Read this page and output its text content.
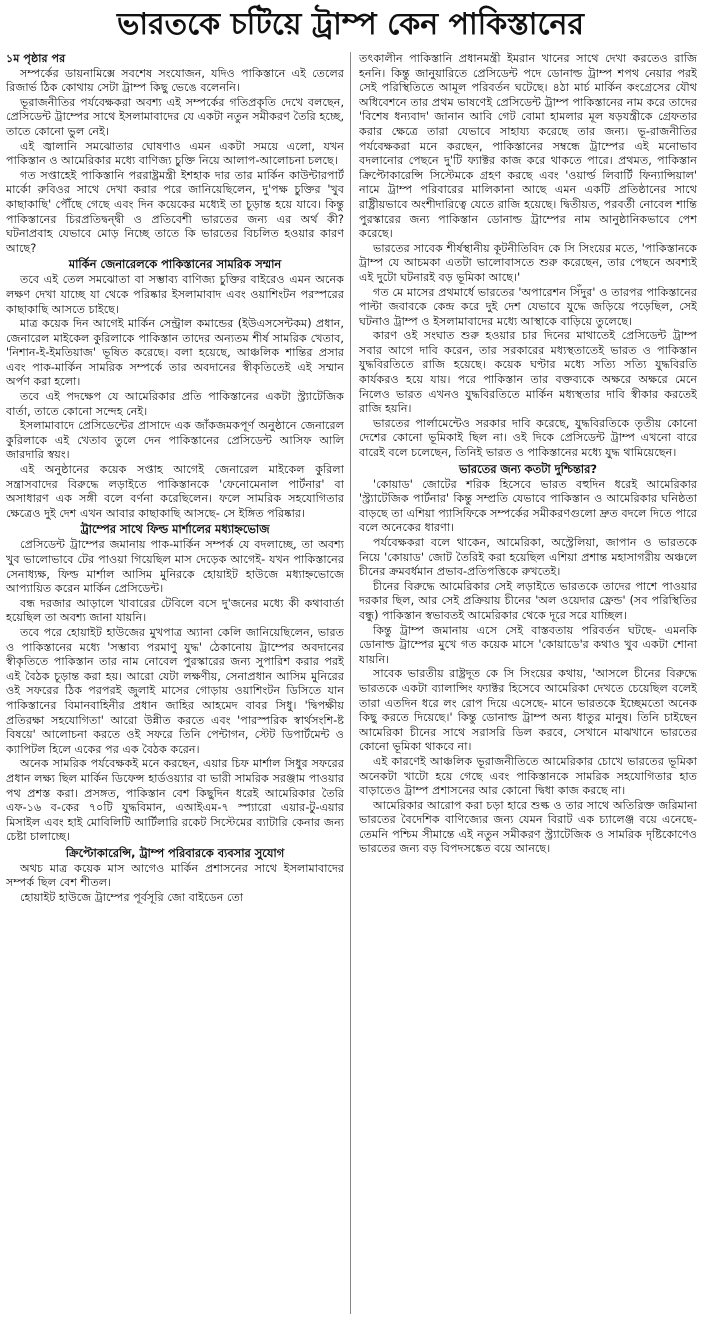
ভারতকে চটিয়ে ট্রাম্প কেন পাকিস্তানের

১ম পৃষ্ঠার পর

সম্পর্কের ডায়নামিক্সে সবশেষ সংযোজন, যদিও পাকিস্তানে এই তেলের রিজার্ভ ঠিক কোথায় সেটা ট্রাম্প কিছু ভেঙে বলেননি।

ভূরাজনীতির পর্যবেক্ষকরা অবশ্য এই সম্পর্কের গতিপ্রকৃতি দেখে বলছেন, প্রেসিডেন্ট ট্রাম্পের সাথে ইসলামাবাদের যে একটা নতুন সমীকরণ তৈরি হচ্ছে, তাতে কোনো ভুল নেই।

এই জ্বালানি সমঝোতার ঘোষণাও এমন একটা সময়ে এলো, যখন পাকিস্তান ও আমেরিকার মধ্যে বাণিজ্য চুক্তি নিয়ে আলাপ-আলোচনা চলছে।

গত সপ্তাহেই পাকিস্তানি পররাষ্ট্রমন্ত্রী ইশহাক দার তার মার্কিন কাউন্টারপার্ট মার্কো রুবিওর সাথে দেখা করার পরে জানিয়েছিলেন, দু'পক্ষ চুক্তির 'খুব কাছাকাছি' পৌঁছে গেছে এবং দিন কয়েকের মধ্যেই তা চূড়ান্ত হয়ে যাবে। কিন্তু পাকিস্তানের চিরপ্রতিদ্বন্দ্বী ও প্রতিবেশী ভারতের জন্য এর অর্থ কী? ঘটনাপ্রবাহ যেভাবে মোড় নিচ্ছে তাতে কি ভারতের বিচলিত হওয়ার কারণ আছে?

মার্কিন জেনারেলকে পাকিস্তানের সামরিক সম্মান

তবে এই তেল সমঝোতা বা সম্ভাব্য বাণিজ্য চুক্তির বাইরেও এমন অনেক লক্ষণ দেখা যাচ্ছে যা থেকে পরিষ্কার ইসলামাবাদ এবং ওয়াশিংটন পরস্পরের কাছাকাছি আসতে চাইছে।

মাত্র কয়েক দিন আগেই মার্কিন সেন্ট্রাল কমান্ডের (ইউএসসেন্টকম) প্রধান, জেনারেল মাইকেল কুরিলাকে পাকিস্তান তাদের অন্যতম শীর্ষ সামরিক খেতাব, 'নিশান-ই-ইমতিয়াজ' ভূষিত করেছে। বলা হয়েছে, আঞ্চলিক শান্তির প্রসার এবং পাক-মার্কিন সামরিক সম্পর্কে তার অবদানের স্বীকৃতিতেই এই সম্মান অর্পণ করা হলো।

তবে এই পদক্ষেপ যে আমেরিকার প্রতি পাকিস্তানের একটা স্ট্র্যাটেজিক বার্তা, তাতে কোনো সন্দেহ নেই।

ইসলামাবাদে প্রেসিডেন্টের প্রাসাদে এক জাঁকজমকপূর্ণ অনুষ্ঠানে জেনারেল কুরিলাকে এই খেতাব তুলে দেন পাকিস্তানের প্রেসিডেন্ট আসিফ আলি জারদারি স্বয়ং।

এই অনুষ্ঠানের কয়েক সপ্তাহ আগেই জেনারেল মাইকেল কুরিলা সন্ত্রাসবাদের বিরুদ্ধে লড়াইতে পাকিস্তানকে 'ফেনোমেনাল পার্টনার' বা অসাধারণ এক সঙ্গী বলে বর্ণনা করেছিলেন। ফলে সামরিক সহযোগিতার ক্ষেত্রেও দুই দেশ এখন আবার কাছাকাছি আসছে- সে ইঙ্গিত পরিষ্কার।

ট্রাম্পের সাথে ফিল্ড মার্শালের মধ্যাহ্নভোজ

প্রেসিডেন্ট ট্রাম্পের জমানায় পাক-মার্কিন সম্পর্ক যে বদলাচ্ছে, তা অবশ্য খুব ভালোভাবে টের পাওয়া গিয়েছিল মাস দেড়েক আগেই- যখন পাকিস্তানের সেনাধ্যক্ষ, ফিল্ড মার্শাল আসিম মুনিরকে হোয়াইট হাউজে মধ্যাহ্নভোজে আপ্যায়িত করেন মার্কিন প্রেসিডেন্ট।

বন্ধ দরজার আড়ালে খাবারের টেবিলে বসে দু'জনের মধ্যে কী কথাবার্তা হয়েছিল তা অবশ্য জানা যায়নি।

তবে পরে হোয়াইট হাউজের মুখপাত্র অ্যানা কেলি জানিয়েছিলেন, ভারত ও পাকিস্তানের মধ্যে 'সম্ভাব্য পরমাণু যুদ্ধ' ঠেকানোয় ট্রাম্পের অবদানের স্বীকৃতিতে পাকিস্তান তার নাম নোবেল পুরস্কারের জন্য সুপারিশ করার পরই এই বৈঠক চূড়ান্ত করা হয়। আরো যেটা লক্ষণীয়, সেনাপ্রধান আসিম মুনিরের ওই সফরের ঠিক পরপরই জুলাই মাসের গোড়ায় ওয়াশিংটন ডিসিতে যান পাকিস্তানের বিমানবাহিনীর প্রধান জাহির আহমেদ বাবর সিধু। 'দ্বিপক্ষীয় প্রতিরক্ষা সহযোগিতা' আরো উন্নীত করতে এবং 'পারস্পরিক স্বার্থসংশি-ষ্ট বিষয়ে' আলোচনা করতে ওই সফরে তিনি পেন্টাগন, স্টেট ডিপার্টমেন্ট ও ক্যাপিটল হিলে একের পর এক বৈঠক করেন।

অনেক সামরিক পর্যবেক্ষকই মনে করছেন, এয়ার চিফ মার্শাল সিধুর সফরের প্রধান লক্ষ্য ছিল মার্কিন ডিফেন্স হার্ডওয়্যার বা ভারী সামরিক সরঞ্জাম পাওয়ার পথ প্রশস্ত করা। প্রসঙ্গত, পাকিস্তান বেশ কিছুদিন ধরেই আমেরিকার তৈরি এফ-১৬ ব-কের ৭০টি যুদ্ধবিমান, এআইএম-৭ স্প্যারো এয়ার-টু-এয়ার মিসাইল এবং হাই মোবিলিটি আর্টিলারি রকেট সিস্টেমের ব্যাটারি কেনার জন্য চেষ্টা চালাচ্ছে।

ক্রিপ্টোকারেন্সি, ট্রাম্প পরিবারকে ব্যবসার সুযোগ

অথচ মাত্র কয়েক মাস আগেও মার্কিন প্রশাসনের সাথে ইসলামাবাদের সম্পর্ক ছিল বেশ শীতল।

হোয়াইট হাউজে ট্রাম্পের পূর্বসূরি জো বাইডেন তো

তৎকালীন পাকিস্তানি প্রধানমন্ত্রী ইমরান খানের সাথে দেখা করতেও রাজি হননি। কিন্তু জানুয়ারিতে প্রেসিডেন্ট পদে ডোনাল্ড ট্রাম্প শপথ নেয়ার পরই সেই পরিস্থিতিতে আমূল পরিবর্তন ঘটেছে। ৪ঠা মার্চ মার্কিন কংগ্রেসের যৌথ অধিবেশনে তার প্রথম ভাষণেই প্রেসিডেন্ট ট্রাম্প পাকিস্তানের নাম করে তাদের 'বিশেষ ধন্যবাদ' জানান আবি গেট বোমা হামলার মূল ষড়যন্ত্রীকে গ্রেফতার করার ক্ষেত্রে তারা যেভাবে সাহায্য করেছে তার জন্য। ভূ-রাজনীতির পর্যবেক্ষকরা মনে করছেন, পাকিস্তানের সম্বন্ধে ট্রাম্পের এই মনোভাব বদলানোর পেছনে দু'টি ফ্যাক্টর কাজ করে থাকতে পারে। প্রথমত, পাকিস্তান ক্রিপ্টোকারেন্সি সিস্টেমকে গ্রহণ করছে এবং 'ওয়ার্ল্ড লিবার্টি ফিন্যান্সিয়াল' নামে ট্রাম্প পরিবারের মালিকানা আছে এমন একটি প্রতিষ্ঠানের সাথে রাষ্ট্রীয়ভাবে অংশীদারিত্বে যেতে রাজি হয়েছে। দ্বিতীয়ত, পরবর্তী নোবেল শান্তি পুরস্কারের জন্য পাকিস্তান ডোনাল্ড ট্রাম্পের নাম আনুষ্ঠানিকভাবে পেশ করেছে।

ভারতের সাবেক শীর্ষস্থানীয় কূটনীতিবিদ কে সি সিংয়ের মতে, 'পাকিস্তানকে ট্রাম্প যে আচমকা এতটা ভালোবাসতে শুরু করেছেন, তার পেছনে অবশ্যই এই দুটো ঘটনারই বড় ভূমিকা আছে।'

গত মে মাসের প্রথমার্ধে ভারতের 'অপারেশন সিঁদুর' ও তারপর পাকিস্তানের পাল্টা জবাবকে কেন্দ্র করে দুই দেশ যেভাবে যুদ্ধে জড়িয়ে পড়েছিল, সেই ঘটনাও ট্রাম্প ও ইসলামাবাদের মধ্যে আস্থাকে বাড়িয়ে তুলেছে।

কারণ ওই সংঘাত শুরু হওয়ার চার দিনের মাথাতেই প্রেসিডেন্ট ট্রাম্প সবার আগে দাবি করেন, তার সরকারের মধ্যস্থতাতেই ভারত ও পাকিস্তান যুদ্ধবিরতিতে রাজি হয়েছে। কয়েক ঘণ্টার মধ্যে সত্যি সত্যি যুদ্ধবিরতি কার্যকরও হয়ে যায়। পরে পাকিস্তান তার বক্তব্যকে অক্ষরে অক্ষরে মেনে নিলেও ভারত এখনও যুদ্ধবিরতিতে মার্কিন মধ্যস্থতার দাবি স্বীকার করতেই রাজি হয়নি।

ভারতের পার্লামেন্টেও সরকার দাবি করেছে, যুদ্ধবিরতিকে তৃতীয় কোনো দেশের কোনো ভূমিকাই ছিল না। ওই দিকে প্রেসিডেন্ট ট্রাম্প এখনো বারে বারেই বলে চলেছেন, তিনিই ভারত ও পাকিস্তানের মধ্যে যুদ্ধ থামিয়েছেন।

ভারতের জন্য কতটা দুশ্চিন্তার?

'কোয়াড' জোটের শরিক হিসেবে ভারত বহুদিন ধরেই আমেরিকার 'স্ট্র্যাটেজিক পার্টনার' কিন্তু সম্প্রতি যেভাবে পাকিস্তান ও আমেরিকার ঘনিষ্ঠতা বাড়ছে তা এশিয়া প্যাসিফিকে সম্পর্কের সমীকরণগুলো দ্রুত বদলে দিতে পারে বলে অনেকের ধারণা।

পর্যবেক্ষকরা বলে থাকেন, আমেরিকা, অস্ট্রেলিয়া, জাপান ও ভারতকে নিয়ে 'কোয়াড' জোট তৈরিই করা হয়েছিল এশিয়া প্রশান্ত মহাসাগরীয় অঞ্চলে চীনের ক্রমবর্ধমান প্রভাব-প্রতিপত্তিকে রুখতেই।

চীনের বিরুদ্ধে আমেরিকার সেই লড়াইতে ভারতকে তাদের পাশে পাওয়ার দরকার ছিল, আর সেই প্রক্রিয়ায় চীনের 'অল ওয়েদার ফ্রেন্ড' (সব পরিস্থিতির বন্ধু) পাকিস্তান স্বভাবতই আমেরিকার থেকে দূরে সরে যাচ্ছিল।

কিন্তু ট্রাম্প জমানায় এসে সেই বাস্তবতায় পরিবর্তন ঘটছে- এমনকি ডোনাল্ড ট্রাম্পের মুখে গত কয়েক মাসে 'কোয়াডে'র কথাও খুব একটা শোনা যায়নি।

সাবেক ভারতীয় রাষ্ট্রদূত কে সি সিংয়ের কথায়, 'আসলে চীনের বিরুদ্ধে ভারতকে একটা ব্যালান্সিং ফ্যাক্টর হিসেবে আমেরিকা দেখতে চেয়েছিল বলেই তারা এতদিন ধরে লং রোপ দিয়ে এসেছে- মানে ভারতকে ইচ্ছেমতো অনেক কিছু করতে দিয়েছে।' কিন্তু ডোনাল্ড ট্রাম্প অন্য ধাতুর মানুষ। তিনি চাইছেন আমেরিকা চীনের সাথে সরাসরি ডিল করবে, সেখানে মাঝখানে ভারতের কোনো ভূমিকা থাকবে না।

এই কারণেই আঞ্চলিক ভূরাজনীতিতে আমেরিকার চোখে ভারতের ভূমিকা অনেকটা খাটো হয়ে গেছে এবং পাকিস্তানকে সামরিক সহযোগিতার হাত বাড়াতেও ট্রাম্প প্রশাসনের আর কোনো দ্বিধা কাজ করছে না।

আমেরিকার আরোপ করা চড়া হারে শুল্ক ও তার সাথে অতিরিক্ত জরিমানা ভারতের বৈদেশিক বাণিজ্যের জন্য যেমন বিরাট এক চ্যালেঞ্জ বয়ে এনেছে- তেমনি পশ্চিম সীমান্তে এই নতুন সমীকরণ স্ট্র্যাটেজিক ও সামরিক দৃষ্টিকোণেও ভারতের জন্য বড় বিপদসঙ্কেত বয়ে আনছে।
